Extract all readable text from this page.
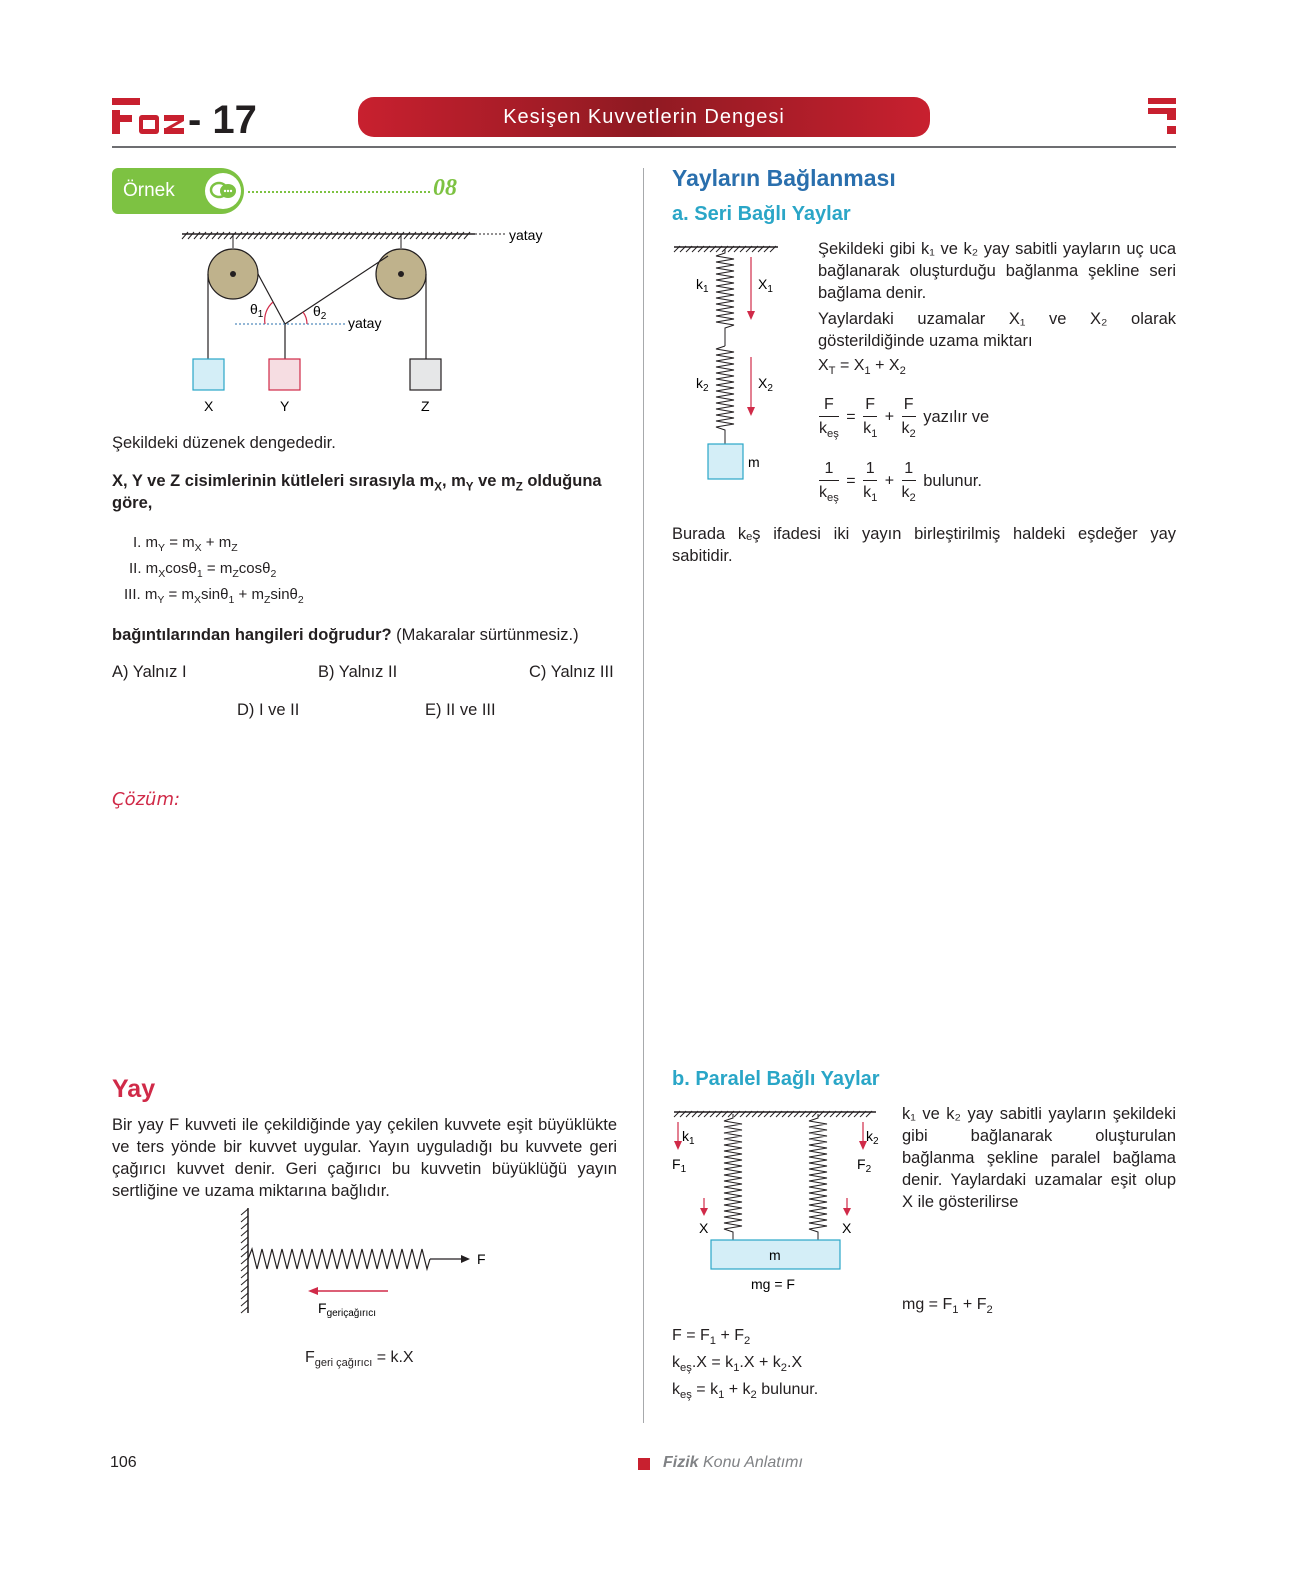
- 17	Kesişen Kuvvetlerin Dengesi
Örnek	08
yatay
$\theta_1$	$\theta_2$ yatay
X	Y	Z
Şekildeki düzenek dengededir.
X, Y ve Z cisimlerinin kütleleri sırasıyla $m_X$, $m_Y$ ve $m_Z$ olduğuna
göre,
I. $m_Y = m_X + m_Z$
II. $m_X\cos\theta_1 = m_Z\cos\theta_2$
III. $m_Y = m_X\sin\theta_1 + m_Z\sin\theta_2$
bağıntılarından hangileri doğrudur? (Makaralar sürtünmesiz.)
A) Yalnız I	B) Yalnız II	C) Yalnız III
D) I ve II	E) II ve III
Çözüm:
Yay
Bir yay F kuvveti ile çekildiğinde yay çekilen kuvvete eşit büyüklükte ve ters yönde bir kuvvet uygular. Yayın uyguladığı bu kuvvete geri çağırıcı kuvvet denir. Geri çağırıcı bu kuvvetin büyüklüğü yayın sertliğine ve uzama miktarına bağlıdır.
F
$F_{geriçağırıcı}$
$F_{geri çağırıcı} = k.X$
Yayların Bağlanması
a. Seri Bağlı Yaylar
$k_1$
$k_2$
$X_1$
$X_2$
m
Şekildeki gibi k₁ ve k₂ yay sabitli yayların uç uca bağlanarak oluşturduğu bağlanma şekline seri bağlama denir.
Yaylardaki uzamalar X₁ ve X₂ olarak gösterildiğinde uzama miktarı
$X_T = X_1 + X_2$
$\frac{F}{k_{eş}} = \frac{F}{k_1} + \frac{F}{k_2}$ yazılır ve
$\frac{1}{k_{eş}} = \frac{1}{k_1} + \frac{1}{k_2}$ bulunur.
Burada kₑş ifadesi iki yayın birleştirilmiş haldeki eşdeğer yay sabitidir.
b. Paralel Bağlı Yaylar
m
mg = F
$k_1$	$k_2$
$F_1$	$F_2$
X	X
k₁ ve k₂ yay sabitli yayların şekildeki gibi bağlanarak oluşturulan bağlanma şekline paralel bağlama denir. Yaylardaki uzamalar eşit olup X ile gösterilirse
mg = $F_1 + F_2$
$F = F_1 + F_2$
$k_{eş}.X = k_1.X + k_2.X$
$k_{eş} = k_1 + k_2$ bulunur.
106	Fizik Konu Anlatımı
